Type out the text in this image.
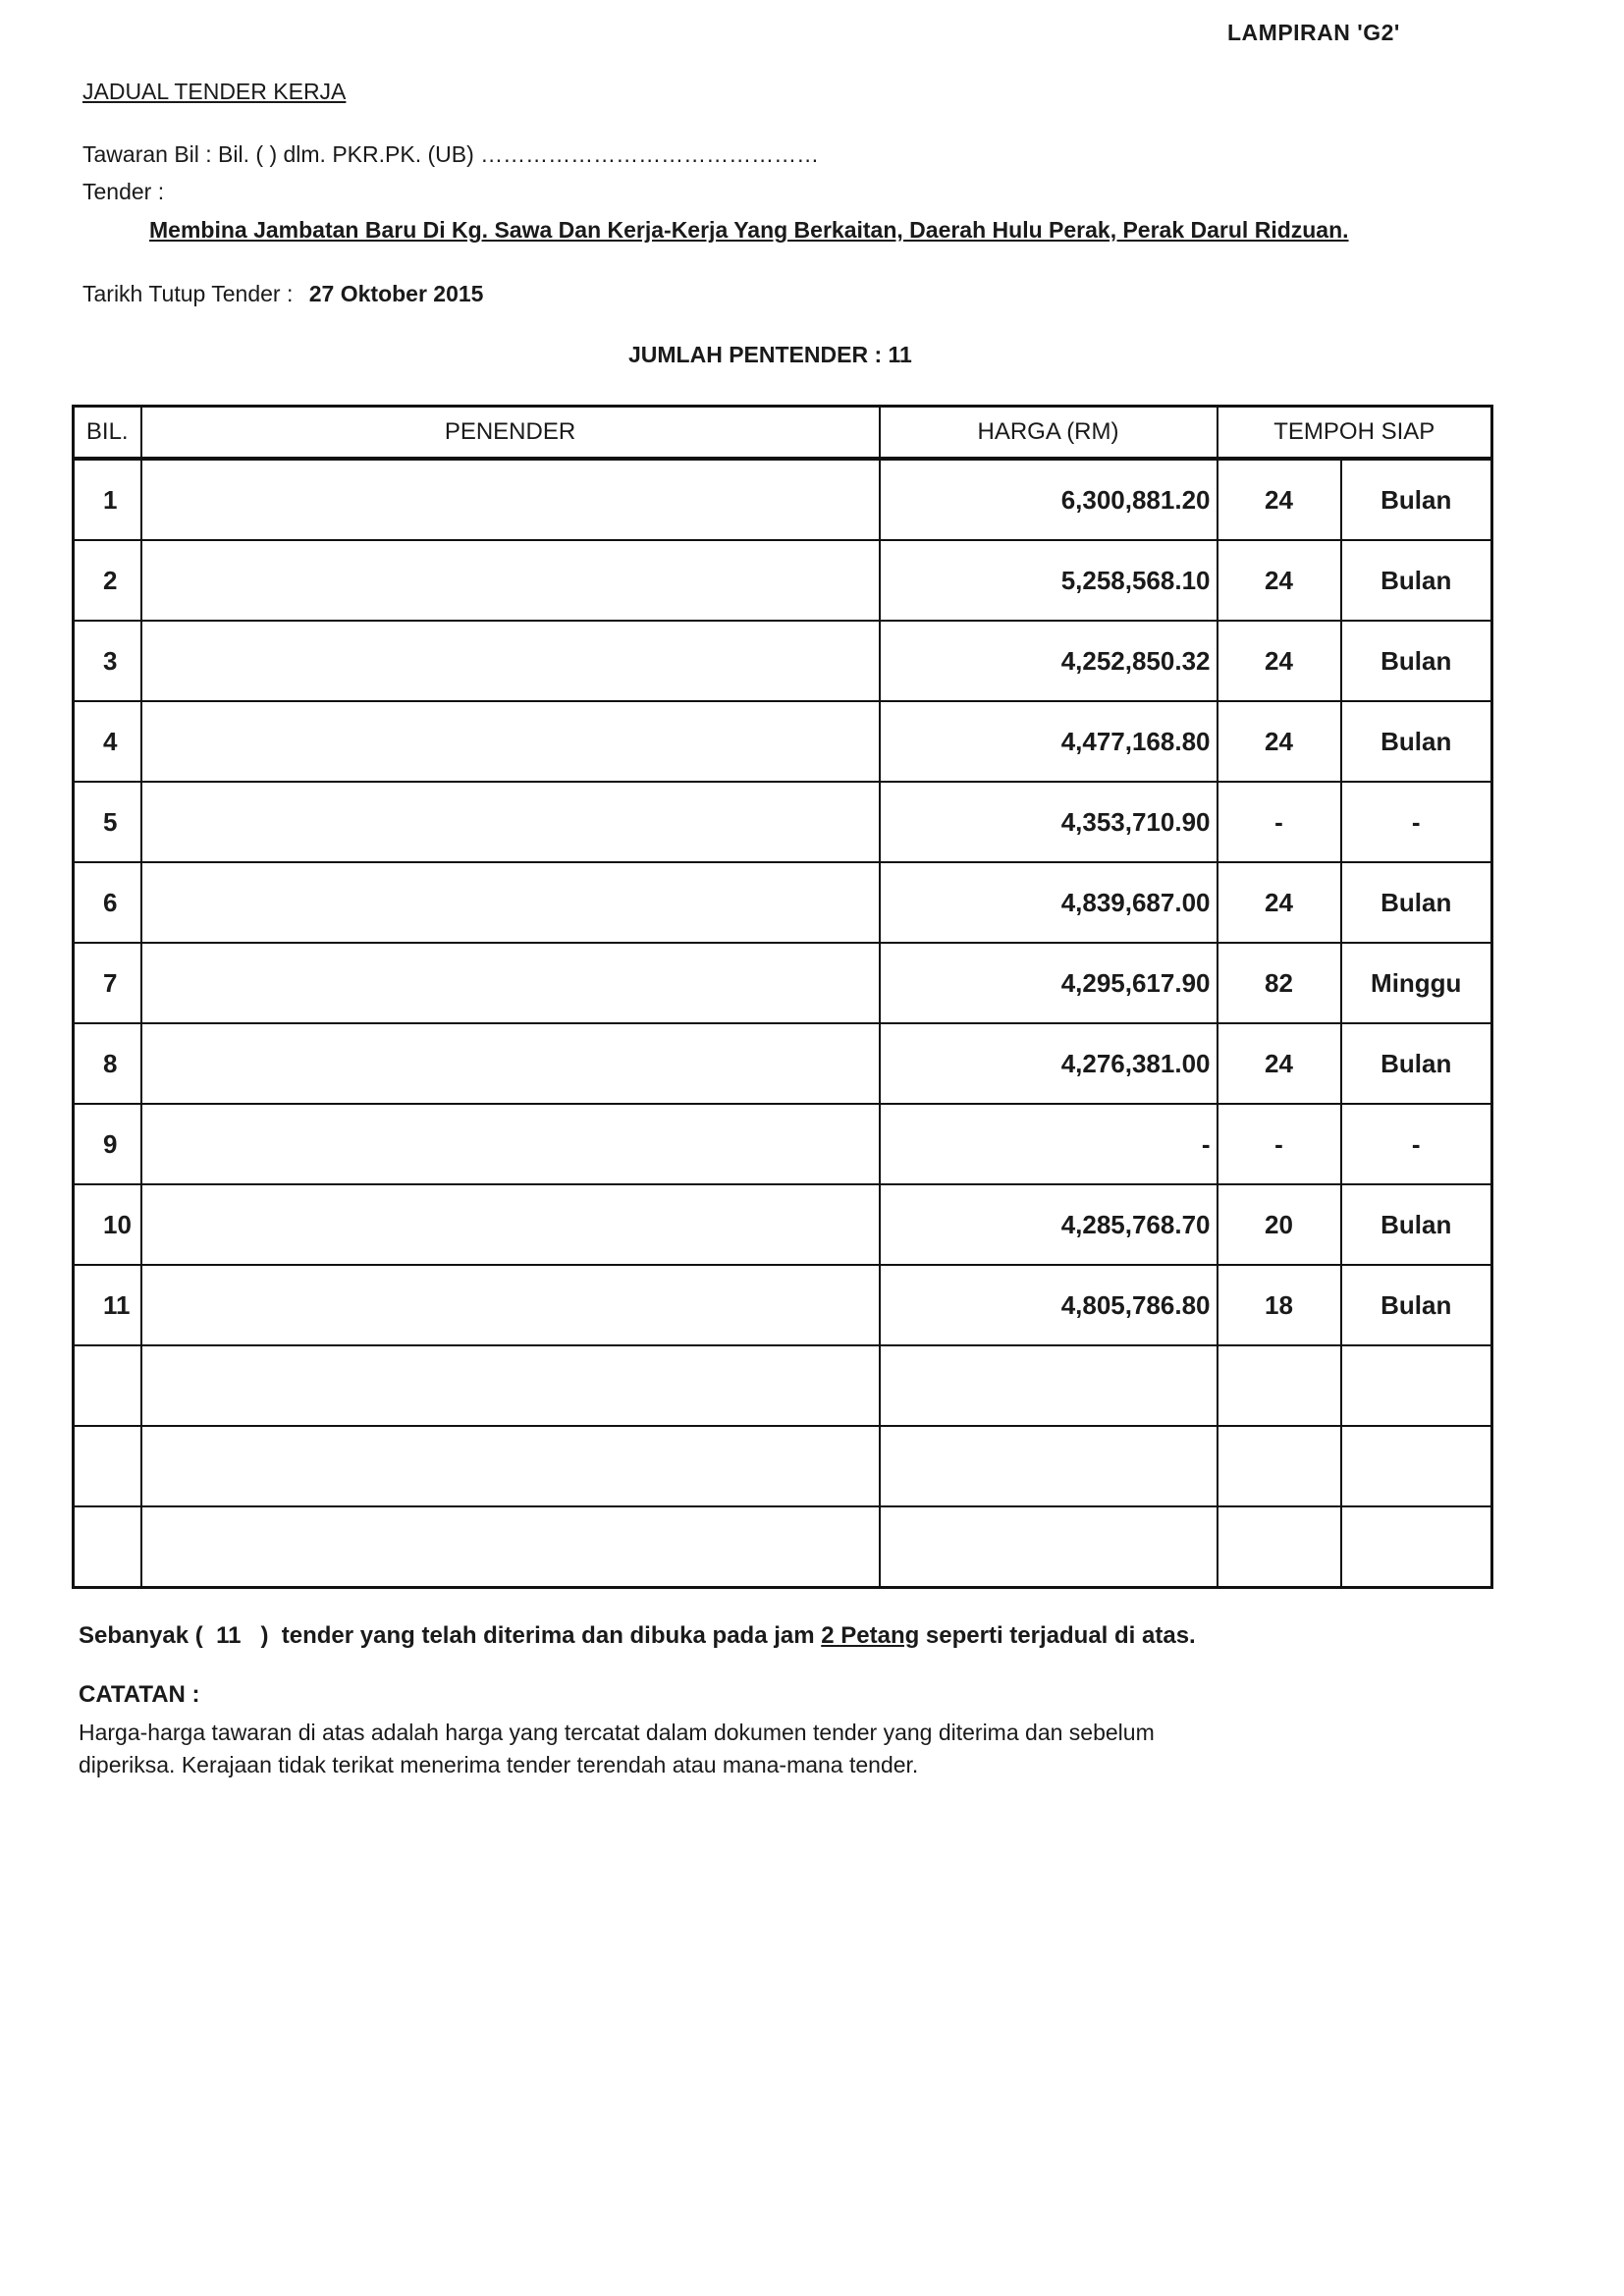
LAMPIRAN 'G2'
JADUAL TENDER KERJA
Tawaran Bil : Bil. ( ) dlm. PKR.PK. (UB) ………………………………………
Tender :
Membina Jambatan Baru Di Kg. Sawa Dan Kerja-Kerja Yang Berkaitan, Daerah Hulu Perak, Perak Darul Ridzuan.
Tarikh Tutup Tender : 27 Oktober 2015
JUMLAH PENTENDER : 11
BIL.	PENENDER	HARGA (RM)	TEMPOH SIAP	
1		6,300,881.20	24	Bulan
2		5,258,568.10	24	Bulan
3		4,252,850.32	24	Bulan
4		4,477,168.80	24	Bulan
5		4,353,710.90	-	-
6		4,839,687.00	24	Bulan
7		4,295,617.90	82	Minggu
8		4,276,381.00	24	Bulan
9		-	-	-
10		4,285,768.70	20	Bulan
11		4,805,786.80	18	Bulan

Sebanyak (  11   )  tender yang telah diterima dan dibuka pada jam 2 Petang seperti terjadual di atas.
CATATAN :
Harga-harga tawaran di atas adalah harga yang tercatat dalam dokumen tender yang diterima dan sebelum diperiksa. Kerajaan tidak terikat menerima tender terendah atau mana-mana tender.
